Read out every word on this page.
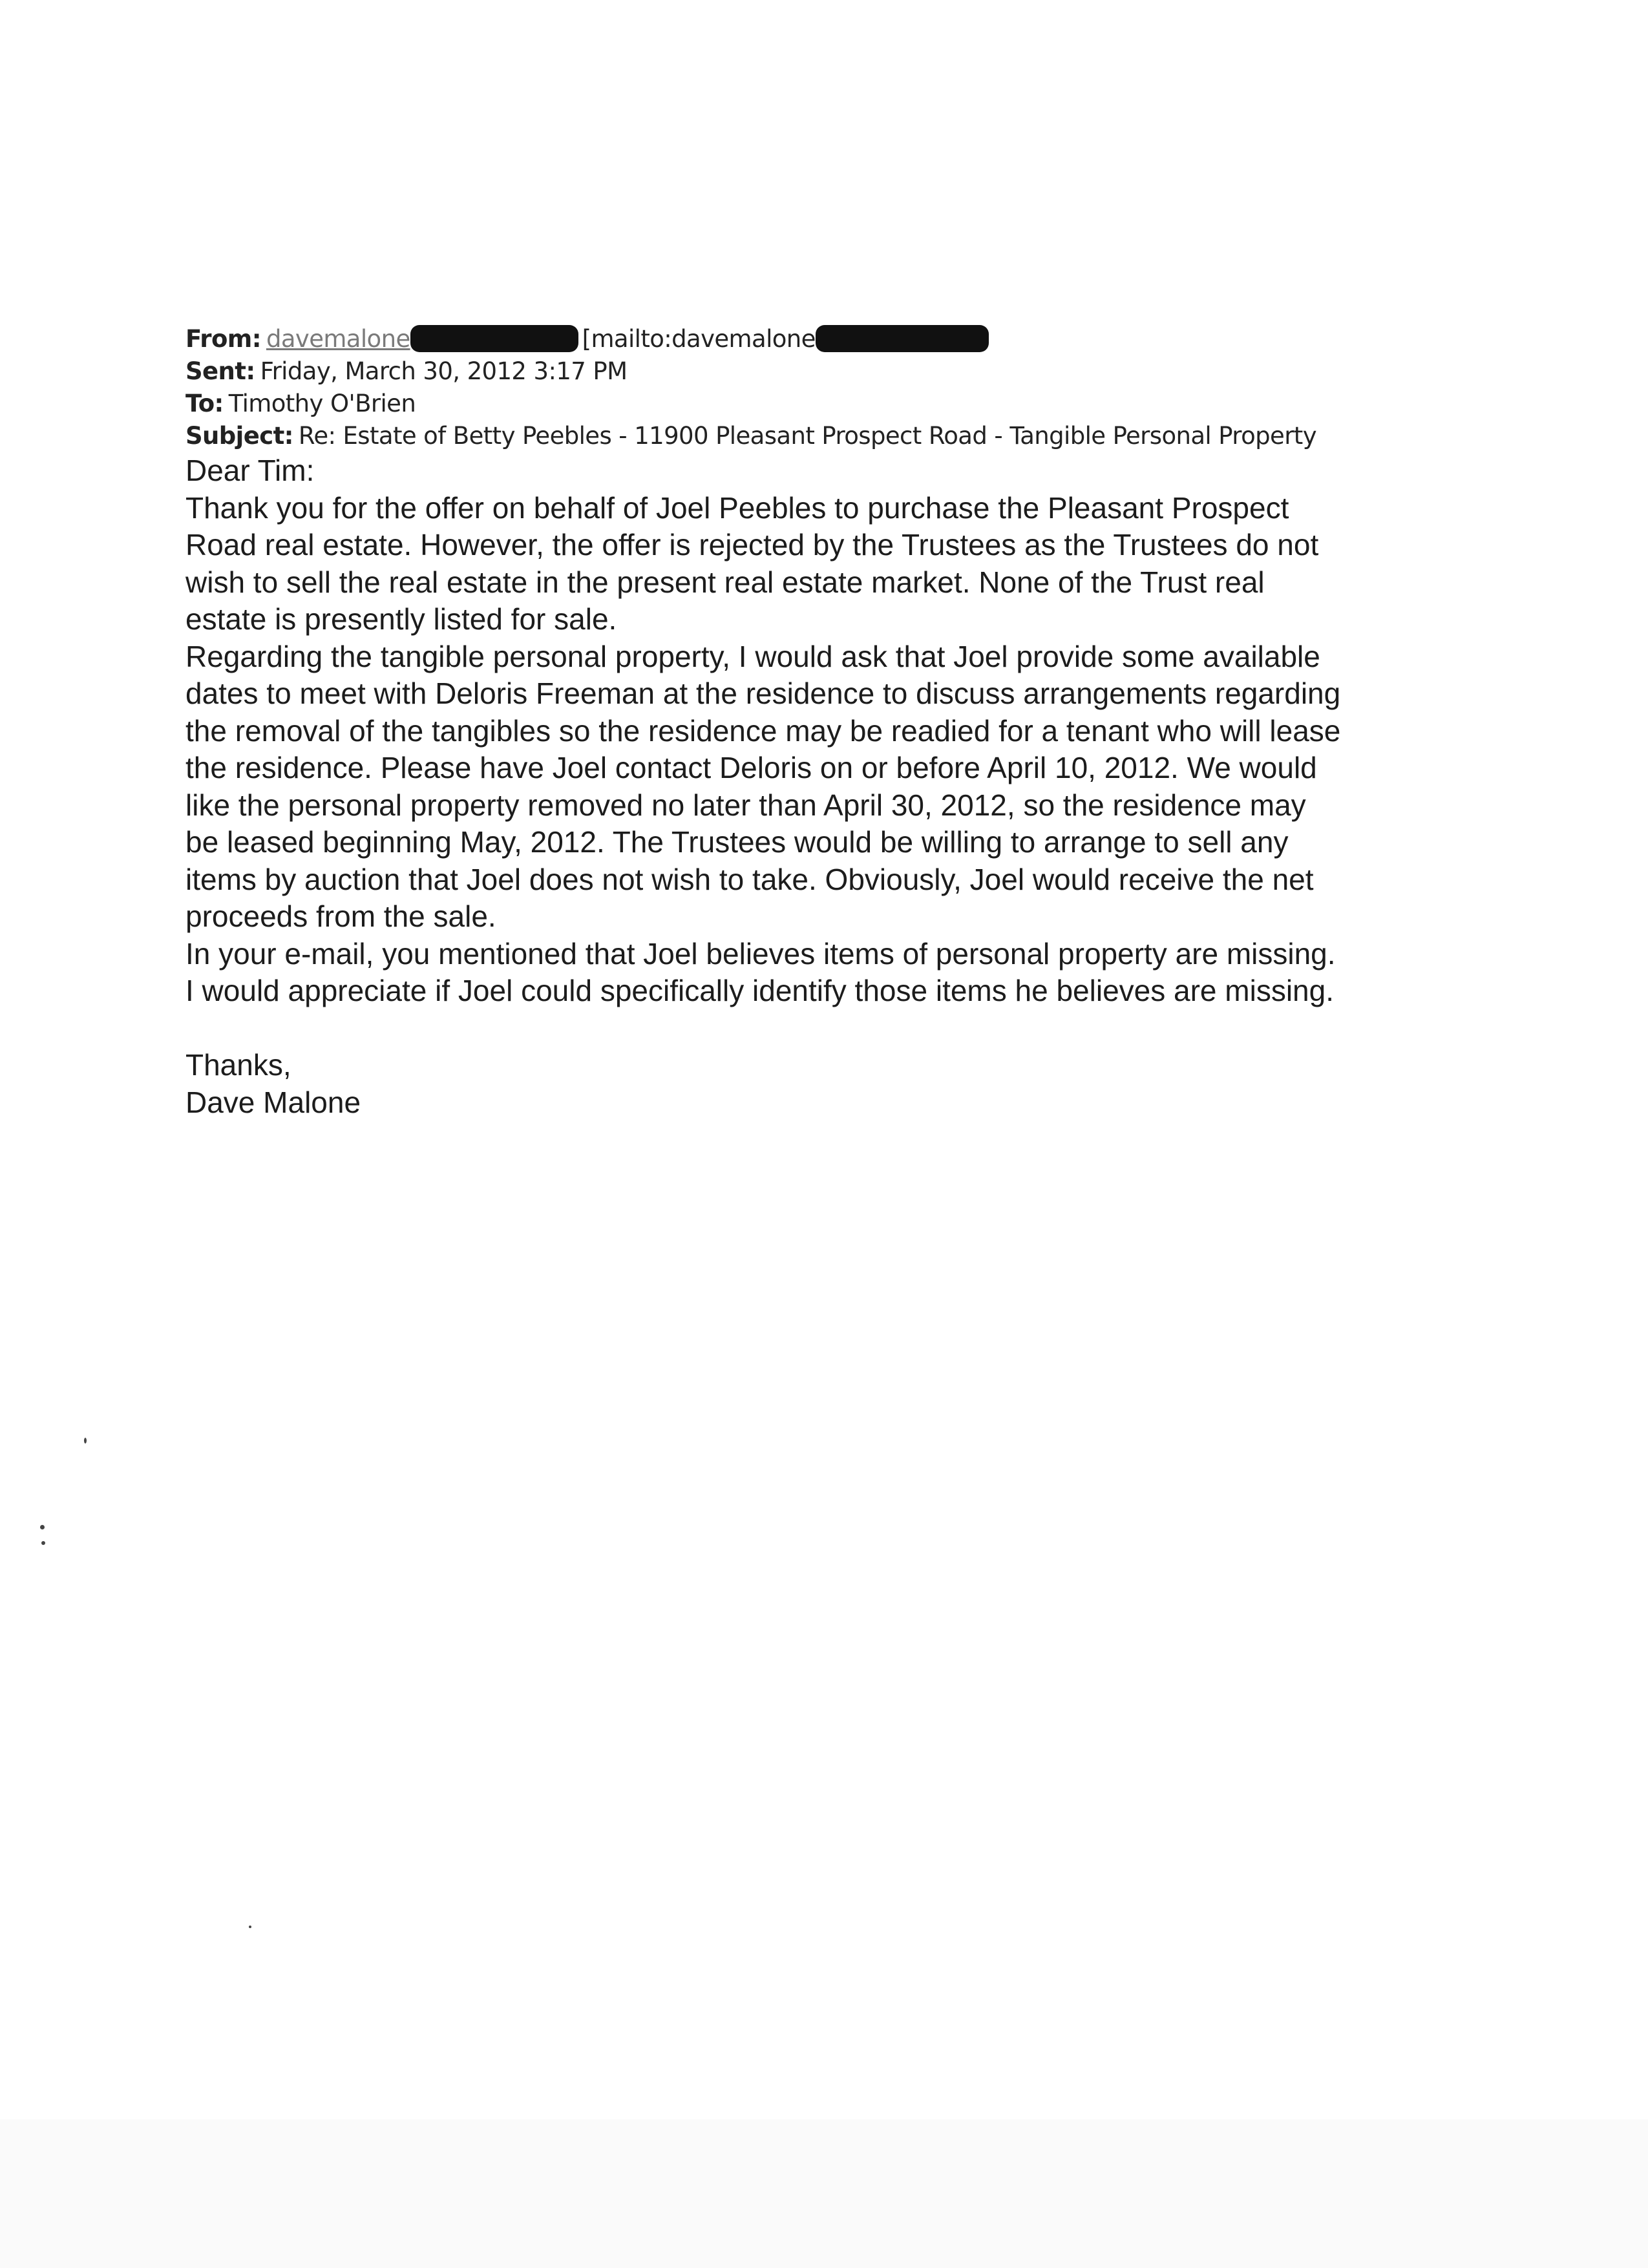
From: davemalone	[mailto:davemalone
Sent: Friday, March 30, 2012 3:17 PM
To: Timothy O'Brien
Subject: Re: Estate of Betty Peebles - 11900 Pleasant Prospect Road - Tangible Personal Property
Dear Tim:
Thank you for the offer on behalf of Joel Peebles to purchase the Pleasant Prospect
Road real estate. However, the offer is rejected by the Trustees as the Trustees do not
wish to sell the real estate in the present real estate market. None of the Trust real
estate is presently listed for sale.
Regarding the tangible personal property, I would ask that Joel provide some available
dates to meet with Deloris Freeman at the residence to discuss arrangements regarding
the removal of the tangibles so the residence may be readied for a tenant who will lease
the residence. Please have Joel contact Deloris on or before April 10, 2012. We would
like the personal property removed no later than April 30, 2012, so the residence may
be leased beginning May, 2012. The Trustees would be willing to arrange to sell any
items by auction that Joel does not wish to take. Obviously, Joel would receive the net
proceeds from the sale.
In your e-mail, you mentioned that Joel believes items of personal property are missing.
I would appreciate if Joel could specifically identify those items he believes are missing.
Thanks,
Dave Malone
